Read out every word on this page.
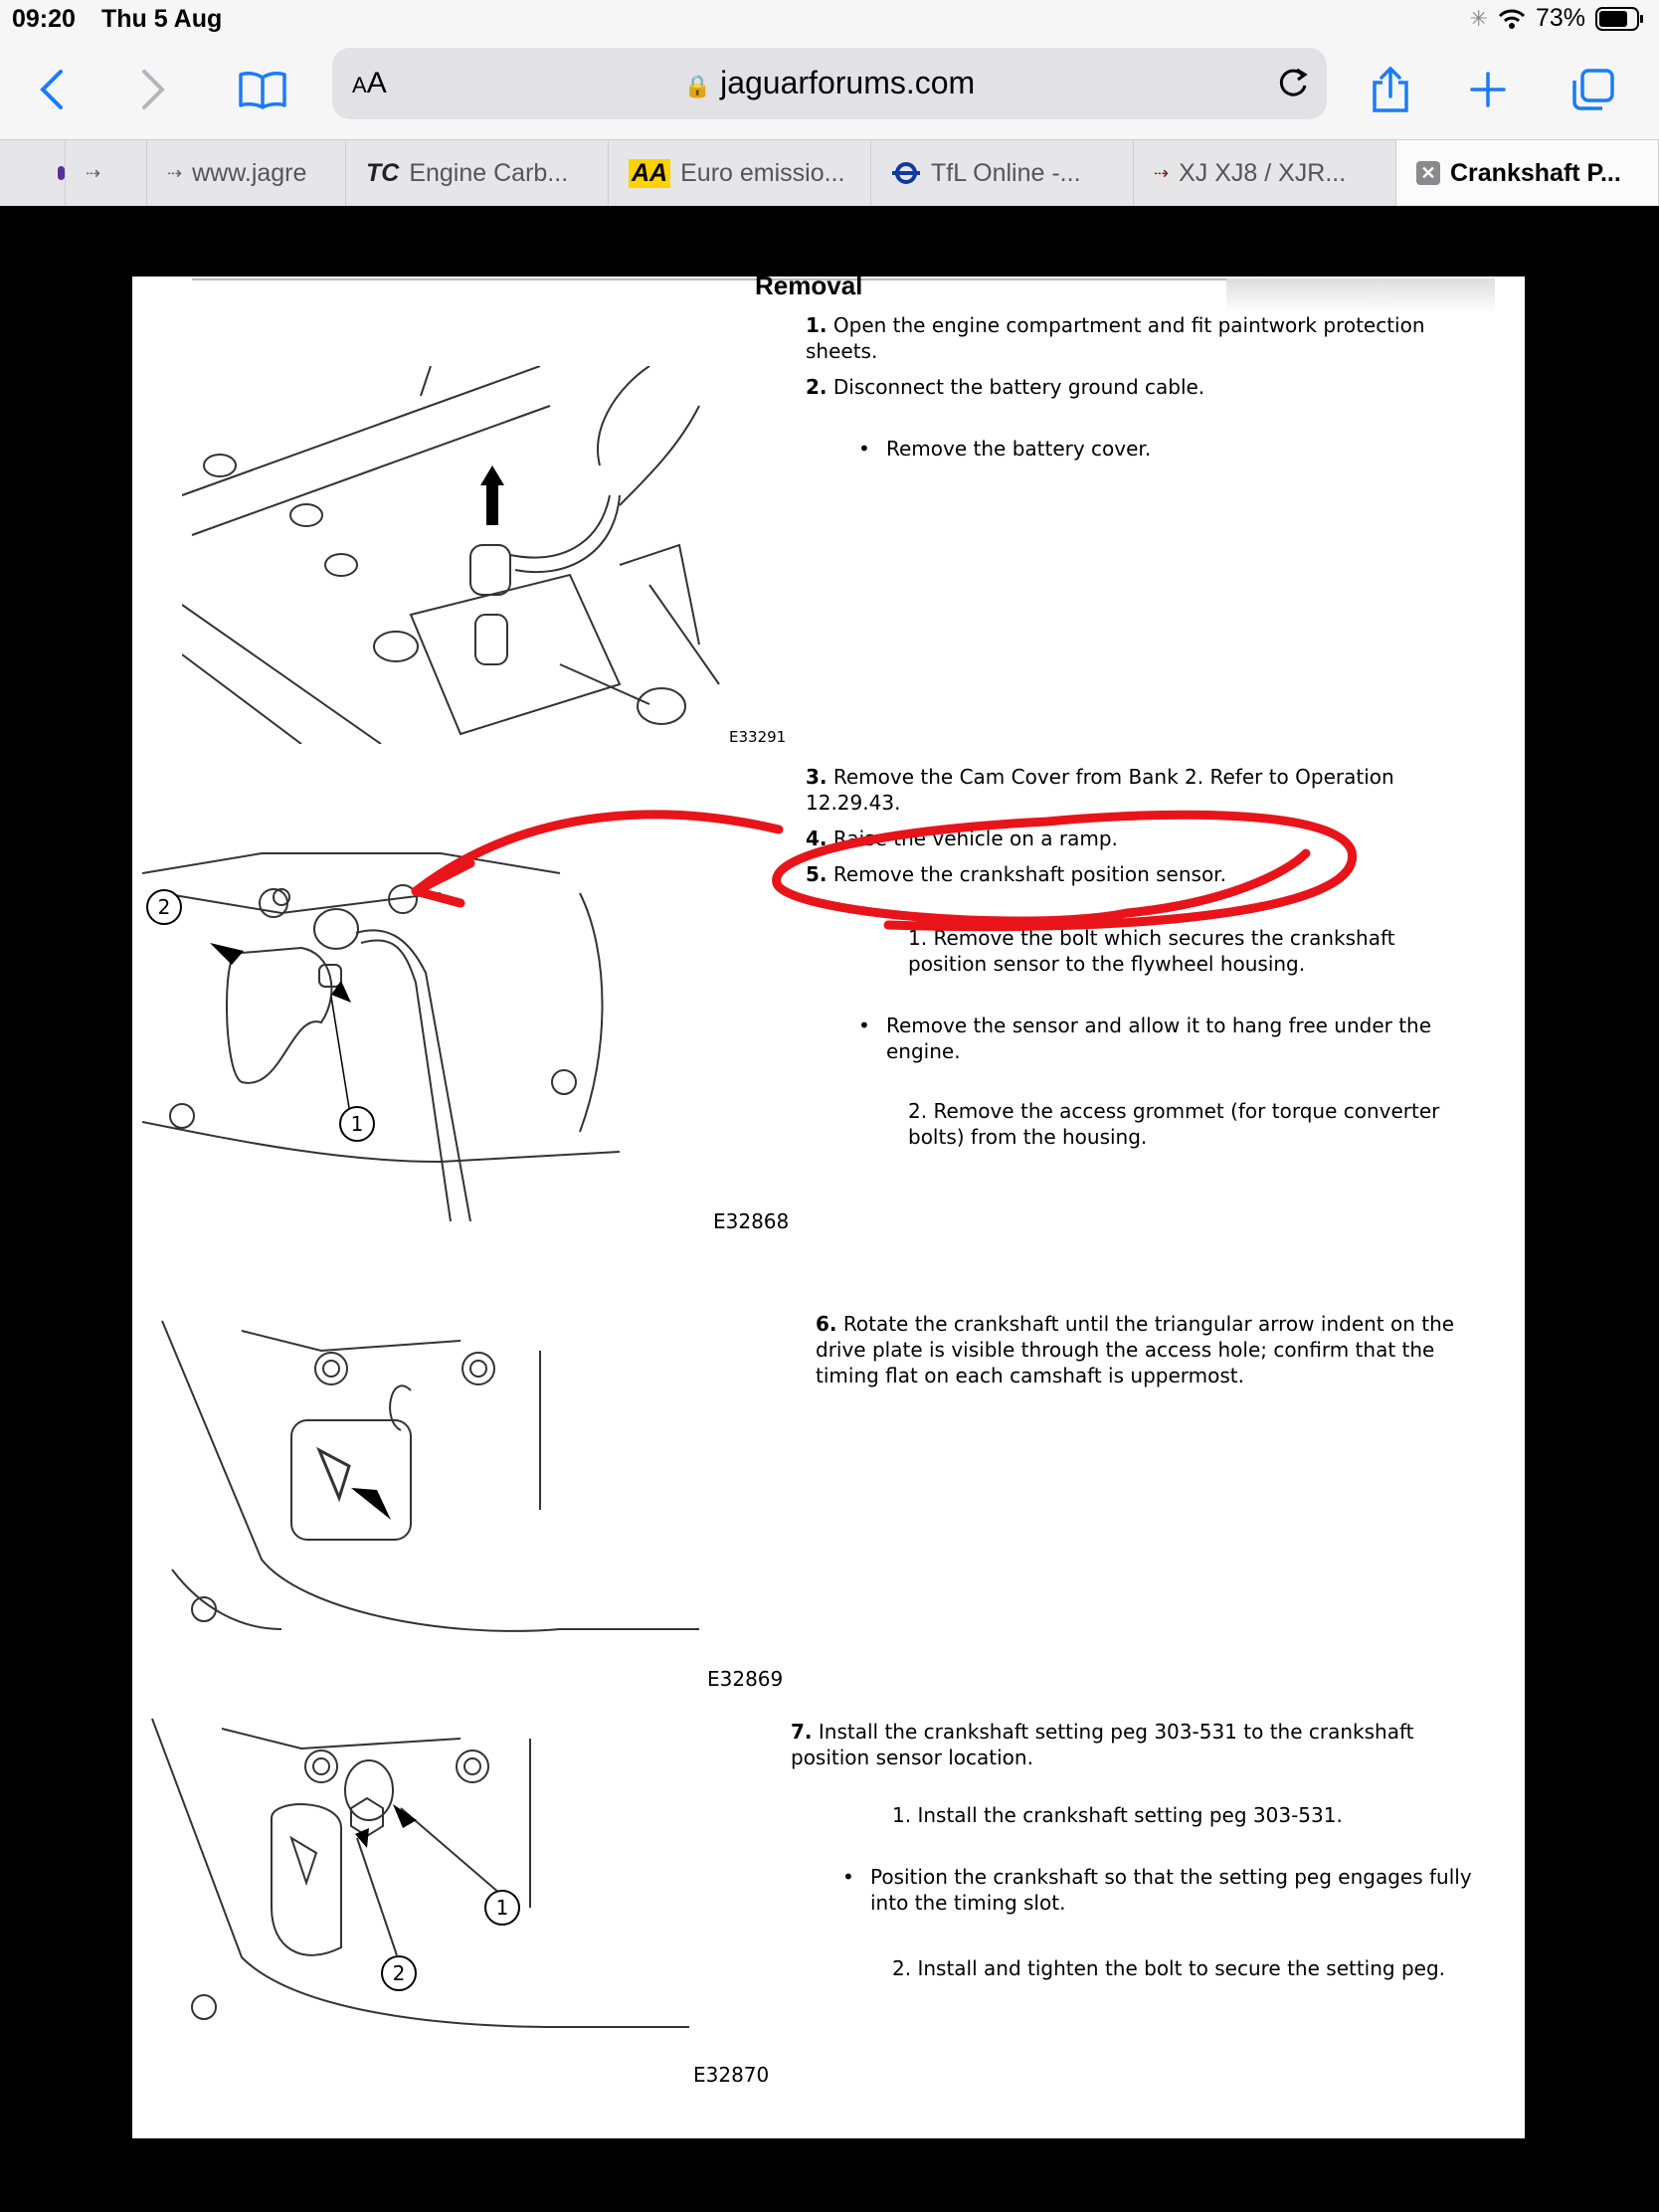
09:20 Thu 5 Aug	✳ 73%
AA	🔒 jaguarforums.com
⇢	⇢ www.jagre TC Engine Carb...	AA Euro emissio...	TfL Online -...	⇢ XJ XJ8 / XJR...	✕ Crankshaft P...
Removal
1. Open the engine compartment and fit paintwork protection sheets.
2. Disconnect the battery ground cable.
• Remove the battery cover.
3. Remove the Cam Cover from Bank 2. Refer to Operation 12.29.43.
4. Raise the vehicle on a ramp.
5. Remove the crankshaft position sensor.
1. Remove the bolt which secures the crankshaft position sensor to the flywheel housing.
• Remove the sensor and allow it to hang free under the engine.
2. Remove the access grommet (for torque converter bolts) from the housing.
6. Rotate the crankshaft until the triangular arrow indent on the drive plate is visible through the access hole; confirm that the timing flat on each camshaft is uppermost.
7. Install the crankshaft setting peg 303-531 to the crankshaft position sensor location.
1. Install the crankshaft setting peg 303-531.
• Position the crankshaft so that the setting peg engages fully into the timing slot.
2. Install and tighten the bolt to secure the setting peg.
E33291
E32868
E32869
E32870
2
1
1
2
